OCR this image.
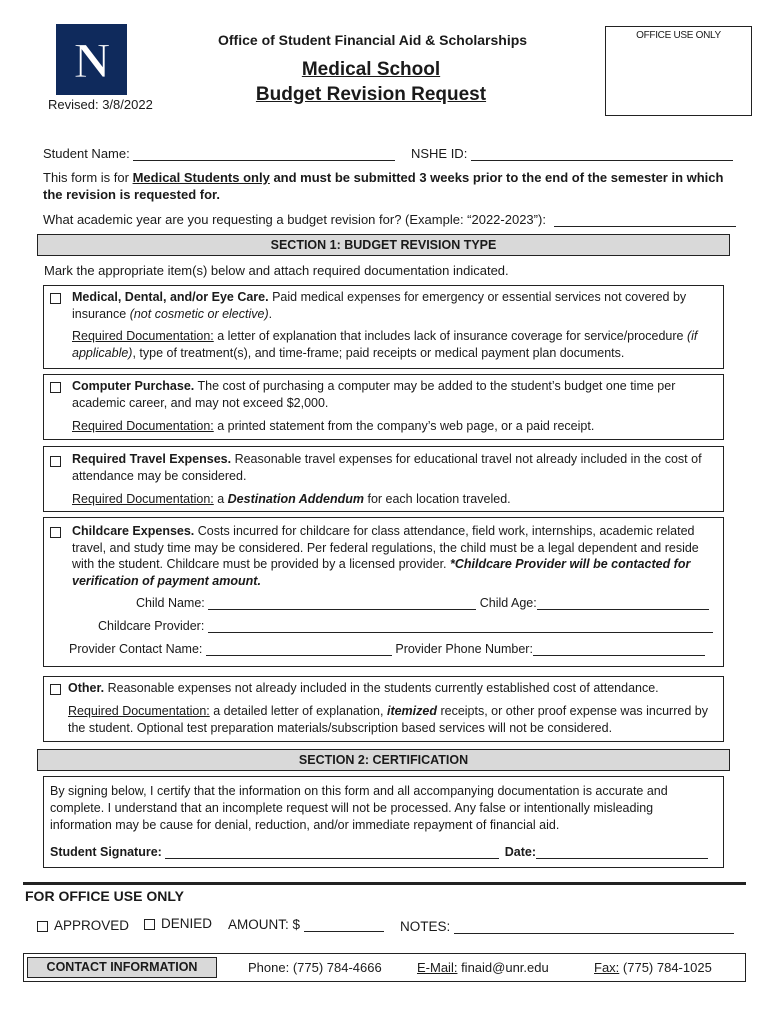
N
Revised: 3/8/2022
Office of Student Financial Aid & Scholarships
Medical School
Budget Revision Request
OFFICE USE ONLY
Student Name:	NSHE ID:
This form is for Medical Students only and must be submitted 3 weeks prior to the end of the semester in which the revision is requested for.
What academic year are you requesting a budget revision for? (Example: “2022-2023”):
SECTION 1: BUDGET REVISION TYPE
Mark the appropriate item(s) below and attach required documentation indicated.
Medical, Dental, and/or Eye Care. Paid medical expenses for emergency or essential services not covered by insurance (not cosmetic or elective).
Required Documentation: a letter of explanation that includes lack of insurance coverage for service/procedure (if applicable), type of treatment(s), and time-frame; paid receipts or medical payment plan documents.
Computer Purchase. The cost of purchasing a computer may be added to the student’s budget one time per academic career, and may not exceed $2,000.
Required Documentation: a printed statement from the company’s web page, or a paid receipt.
Required Travel Expenses. Reasonable travel expenses for educational travel not already included in the cost of attendance may be considered.
Required Documentation: a Destination Addendum for each location traveled.
Childcare Expenses. Costs incurred for childcare for class attendance, field work, internships, academic related travel, and study time may be considered. Per federal regulations, the child must be a legal dependent and reside with the student. Childcare must be provided by a licensed provider. *Childcare Provider will be contacted for verification of payment amount.
Child Name:	Child Age:
Childcare Provider:
Provider Contact Name:	Provider Phone Number:
Other. Reasonable expenses not already included in the students currently established cost of attendance.
Required Documentation: a detailed letter of explanation, itemized receipts, or other proof expense was incurred by the student. Optional test preparation materials/subscription based services will not be considered.
SECTION 2: CERTIFICATION
By signing below, I certify that the information on this form and all accompanying documentation is accurate and complete. I understand that an incomplete request will not be processed. Any false or intentionally misleading information may be cause for denial, reduction, and/or immediate repayment of financial aid.
Student Signature:	Date:
FOR OFFICE USE ONLY
APPROVED	DENIED AMOUNT: $	NOTES:
CONTACT INFORMATION	Phone: (775) 784-4666	E-Mail: finaid@unr.edu	Fax: (775) 784-1025
